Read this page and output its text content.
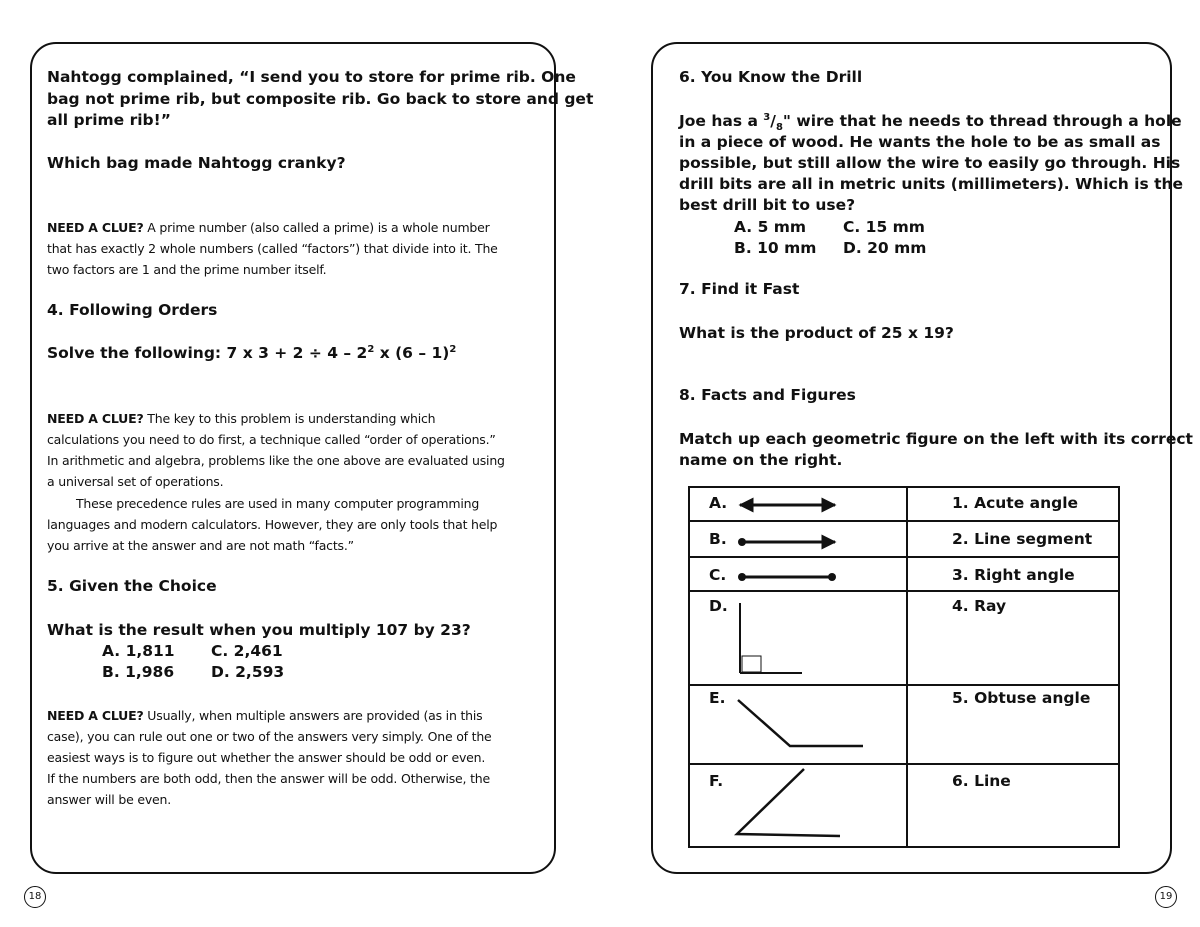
Nahtogg complained, “I send you to store for prime rib. One
bag not prime rib, but composite rib. Go back to store and get
all prime rib!”
Which bag made Nahtogg cranky?
NEED A CLUE? A prime number (also called a prime) is a whole number
that has exactly 2 whole numbers (called “factors”) that divide into it. The
two factors are 1 and the prime number itself.
4. Following Orders
Solve the following: 7 x $3 + 2 \div 4 - 2^2$ x (6 – 1)$^2$
NEED A CLUE? The key to this problem is understanding which
calculations you need to do first, a technique called “order of operations.”
In arithmetic and algebra, problems like the one above are evaluated using
a universal set of operations.
These precedence rules are used in many computer programming
languages and modern calculators. However, they are only tools that help
you arrive at the answer and are not math “facts.”
5. Given the Choice
What is the result when you multiply 107 by 23?
A. 1,811 C. 2,461
B. 1,986 D. 2,593
NEED A CLUE? Usually, when multiple answers are provided (as in this
case), you can rule out one or two of the answers very simply. One of the
easiest ways is to figure out whether the answer should be odd or even.
If the numbers are both odd, then the answer will be odd. Otherwise, the
answer will be even.
18
6. You Know the Drill
Joe has a $^3/_8$" wire that he needs to thread through a hole
in a piece of wood. He wants the hole to be as small as
possible, but still allow the wire to easily go through. His
drill bits are all in metric units (millimeters). Which is the
best drill bit to use?
A. 5 mm C. 15 mm
B. 10 mm D. 20 mm
7. Find it Fast
What is the product of 25 x 19?
8. Facts and Figures
Match up each geometric figure on the left with its correct
name on the right.
A.
B.
C.
D.
E.
F.
1. Acute angle
2. Line segment
3. Right angle
4. Ray
5. Obtuse angle
6. Line
19
